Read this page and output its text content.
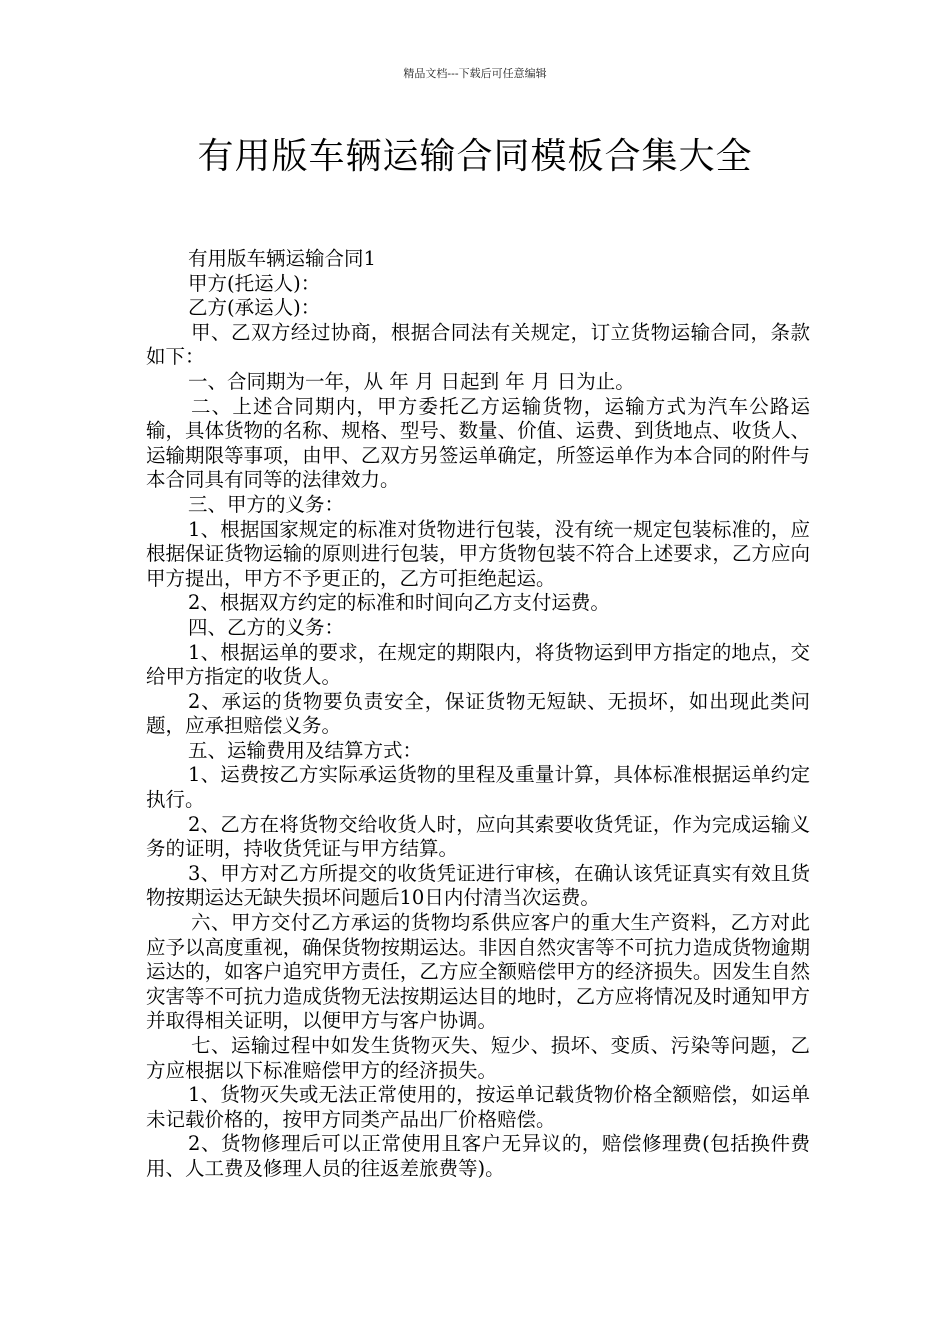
精品文档---下载后可任意编辑
有用版车辆运输合同模板合集大全

有用版车辆运输合同1

甲方(托运人)：

乙方(承运人)：

甲、乙双方经过协商，根据合同法有关规定，订立货物运输合同，条款如下：

一、合同期为一年，从 年 月 日起到 年 月 日为止。

二、上述合同期内，甲方委托乙方运输货物，运输方式为汽车公路运输，具体货物的名称、规格、型号、数量、价值、运费、到货地点、收货人、运输期限等事项，由甲、乙双方另签运单确定，所签运单作为本合同的附件与本合同具有同等的法律效力。

三、甲方的义务：

1、根据国家规定的标准对货物进行包装，没有统一规定包装标准的，应根据保证货物运输的原则进行包装，甲方货物包装不符合上述要求，乙方应向甲方提出，甲方不予更正的，乙方可拒绝起运。

2、根据双方约定的标准和时间向乙方支付运费。

四、乙方的义务：

1、根据运单的要求，在规定的期限内，将货物运到甲方指定的地点，交给甲方指定的收货人。

2、承运的货物要负责安全，保证货物无短缺、无损坏，如出现此类问题，应承担赔偿义务。

五、运输费用及结算方式：

1、运费按乙方实际承运货物的里程及重量计算，具体标准根据运单约定执行。

2、乙方在将货物交给收货人时，应向其索要收货凭证，作为完成运输义务的证明，持收货凭证与甲方结算。

3、甲方对乙方所提交的收货凭证进行审核，在确认该凭证真实有效且货物按期运达无缺失损坏问题后10日内付清当次运费。

六、甲方交付乙方承运的货物均系供应客户的重大生产资料，乙方对此应予以高度重视，确保货物按期运达。非因自然灾害等不可抗力造成货物逾期运达的，如客户追究甲方责任，乙方应全额赔偿甲方的经济损失。因发生自然灾害等不可抗力造成货物无法按期运达目的地时，乙方应将情况及时通知甲方并取得相关证明，以便甲方与客户协调。

七、运输过程中如发生货物灭失、短少、损坏、变质、污染等问题，乙方应根据以下标准赔偿甲方的经济损失。

1、货物灭失或无法正常使用的，按运单记载货物价格全额赔偿，如运单未记载价格的，按甲方同类产品出厂价格赔偿。

2、货物修理后可以正常使用且客户无异议的，赔偿修理费(包括换件费用、人工费及修理人员的往返差旅费等)。
